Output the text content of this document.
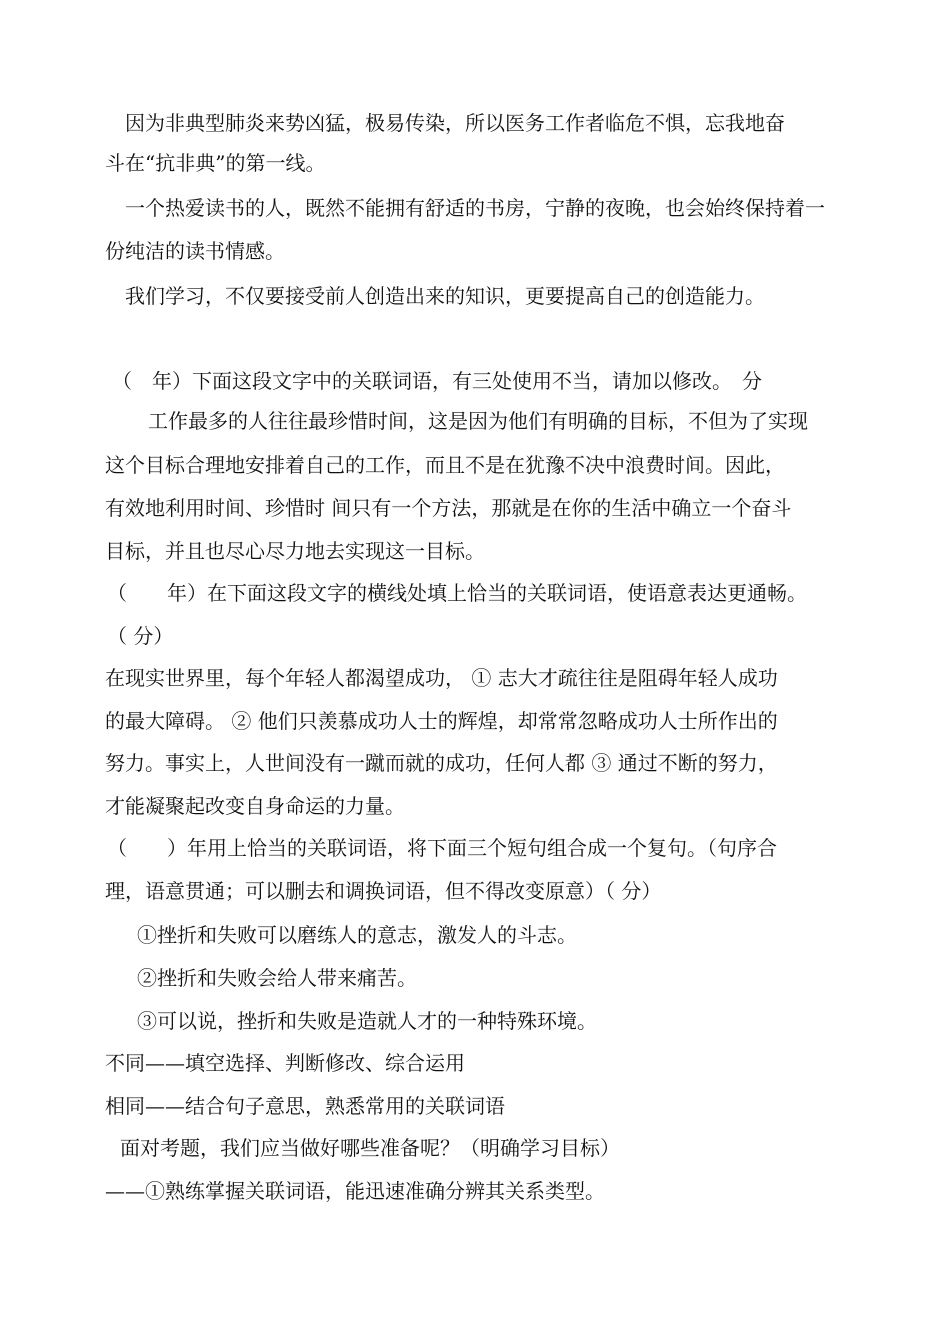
因为非典型肺炎来势凶猛，极易传染，所以医务工作者临危不惧，忘我地奋
斗在“抗非典”的第一线。
一个热爱读书的人，既然不能拥有舒适的书房，宁静的夜晚，也会始终保持着一
份纯洁的读书情感。
我们学习，不仅要接受前人创造出来的知识，更要提高自己的创造能力。
（　年）下面这段文字中的关联词语，有三处使用不当，请加以修改。　分
工作最多的人往往最珍惜时间，这是因为他们有明确的目标，不但为了实现
这个目标合理地安排着自己的工作，而且不是在犹豫不决中浪费时间。因此，
有效地利用时间、珍惜时 间只有一个方法，那就是在你的生活中确立一个奋斗
目标，并且也尽心尽力地去实现这一目标。
（　　年）在下面这段文字的横线处填上恰当的关联词语，使语意表达更通畅。
（ 分）
在现实世界里，每个年轻人都渴望成功， ① 志大才疏往往是阻碍年轻人成功
的最大障碍。 ② 他们只羡慕成功人士的辉煌，却常常忽略成功人士所作出的
努力。事实上，人世间没有一蹴而就的成功，任何人都 ③ 通过不断的努力，
才能凝聚起改变自身命运的力量。
（　　）年用上恰当的关联词语，将下面三个短句组合成一个复句。（句序合
理，语意贯通；可以删去和调换词语，但不得改变原意）（ 分）
①挫折和失败可以磨练人的意志，激发人的斗志。
②挫折和失败会给人带来痛苦。
③可以说，挫折和失败是造就人才的一种特殊环境。
不同——填空选择、判断修改、综合运用
相同——结合句子意思，熟悉常用的关联词语
面对考题，我们应当做好哪些准备呢？（明确学习目标）
——①熟练掌握关联词语，能迅速准确分辨其关系类型。
